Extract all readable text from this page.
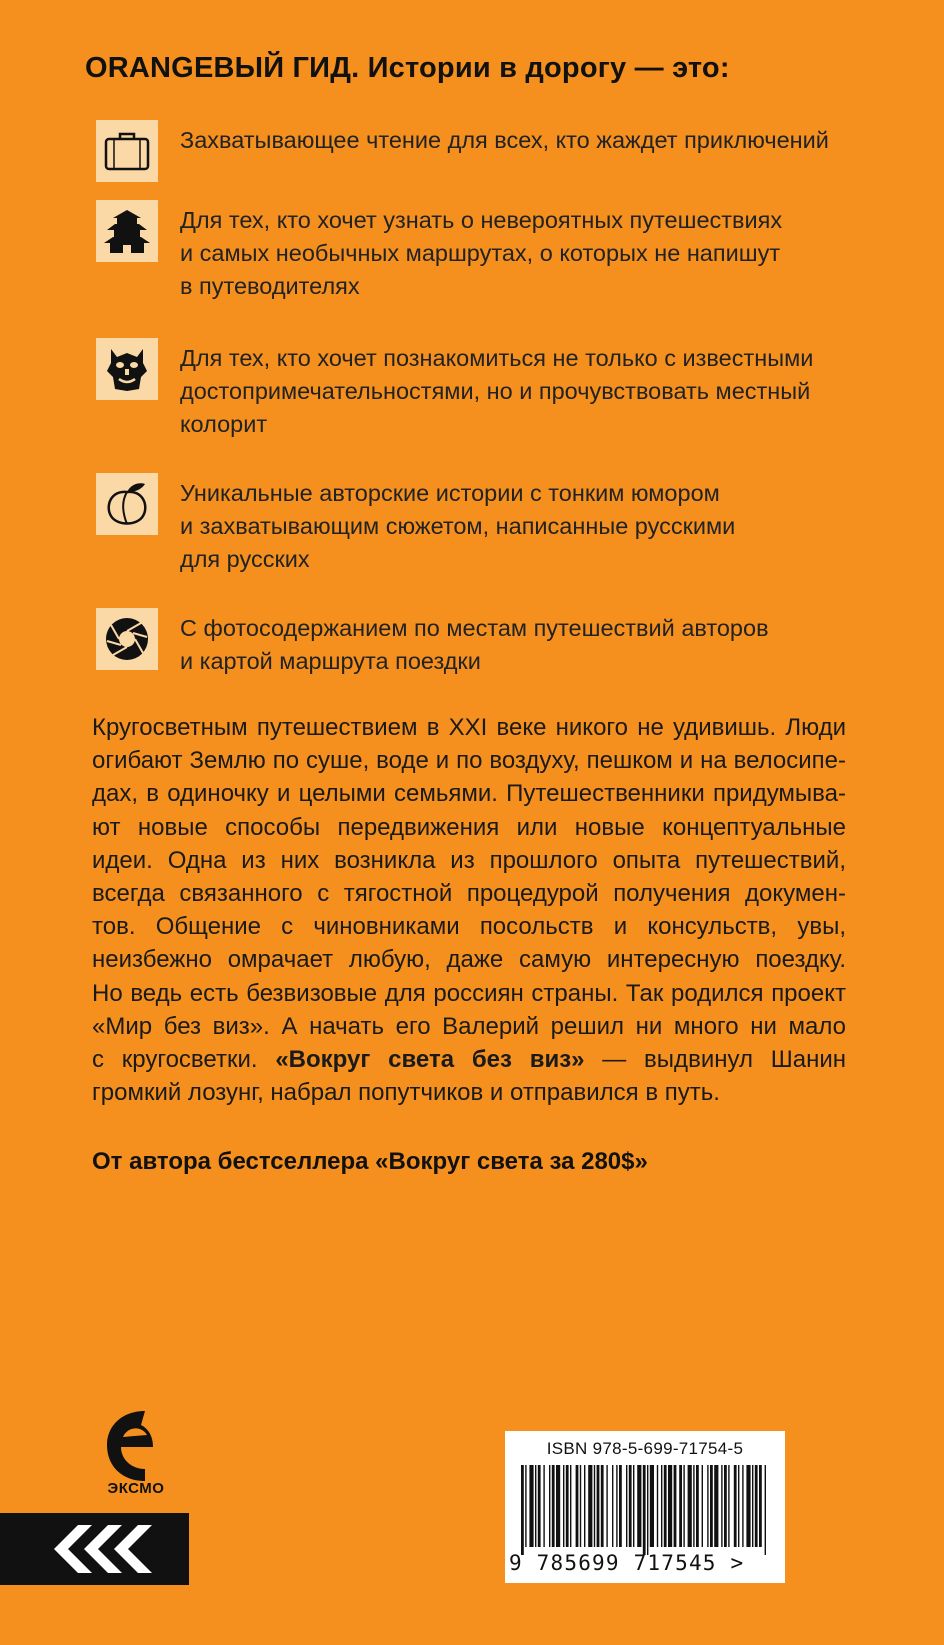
ORANGEВЫЙ ГИД. Истории в дорогу — это:
Захватывающее чтение для всех, кто жаждет приключений
Для тех, кто хочет узнать о невероятных путешествиях
и самых необычных маршрутах, о которых не напишут
в путеводителях
Для тех, кто хочет познакомиться не только с известными
достопримечательностями, но и прочувствовать местный
колорит
Уникальные авторские истории с тонким юмором
и захватывающим сюжетом, написанные русскими
для русских
С фотосодержанием по местам путешествий авторов
и картой маршрута поездки
Кругосветным путешествием в XXI веке никого не удивишь. Люди
огибают Землю по суше, воде и по воздуху, пешком и на велосипе-
дах, в одиночку и целыми семьями. Путешественники придумыва-
ют новые способы передвижения или новые концептуальные
идеи. Одна из них возникла из прошлого опыта путешествий,
всегда связанного с тягостной процедурой получения докумен-
тов. Общение с чиновниками посольств и консульств, увы,
неизбежно омрачает любую, даже самую интересную поездку.
Но ведь есть безвизовые для россиян страны. Так родился проект
«Мир без виз». А начать его Валерий решил ни много ни мало
с кругосветки. «Вокруг света без виз» — выдвинул Шанин
громкий лозунг, набрал попутчиков и отправился в путь.
От автора бестселлера «Вокруг света за 280$»
ЭКСМО
ISBN 978-5-699-71754-5
9 785699 717545 >
